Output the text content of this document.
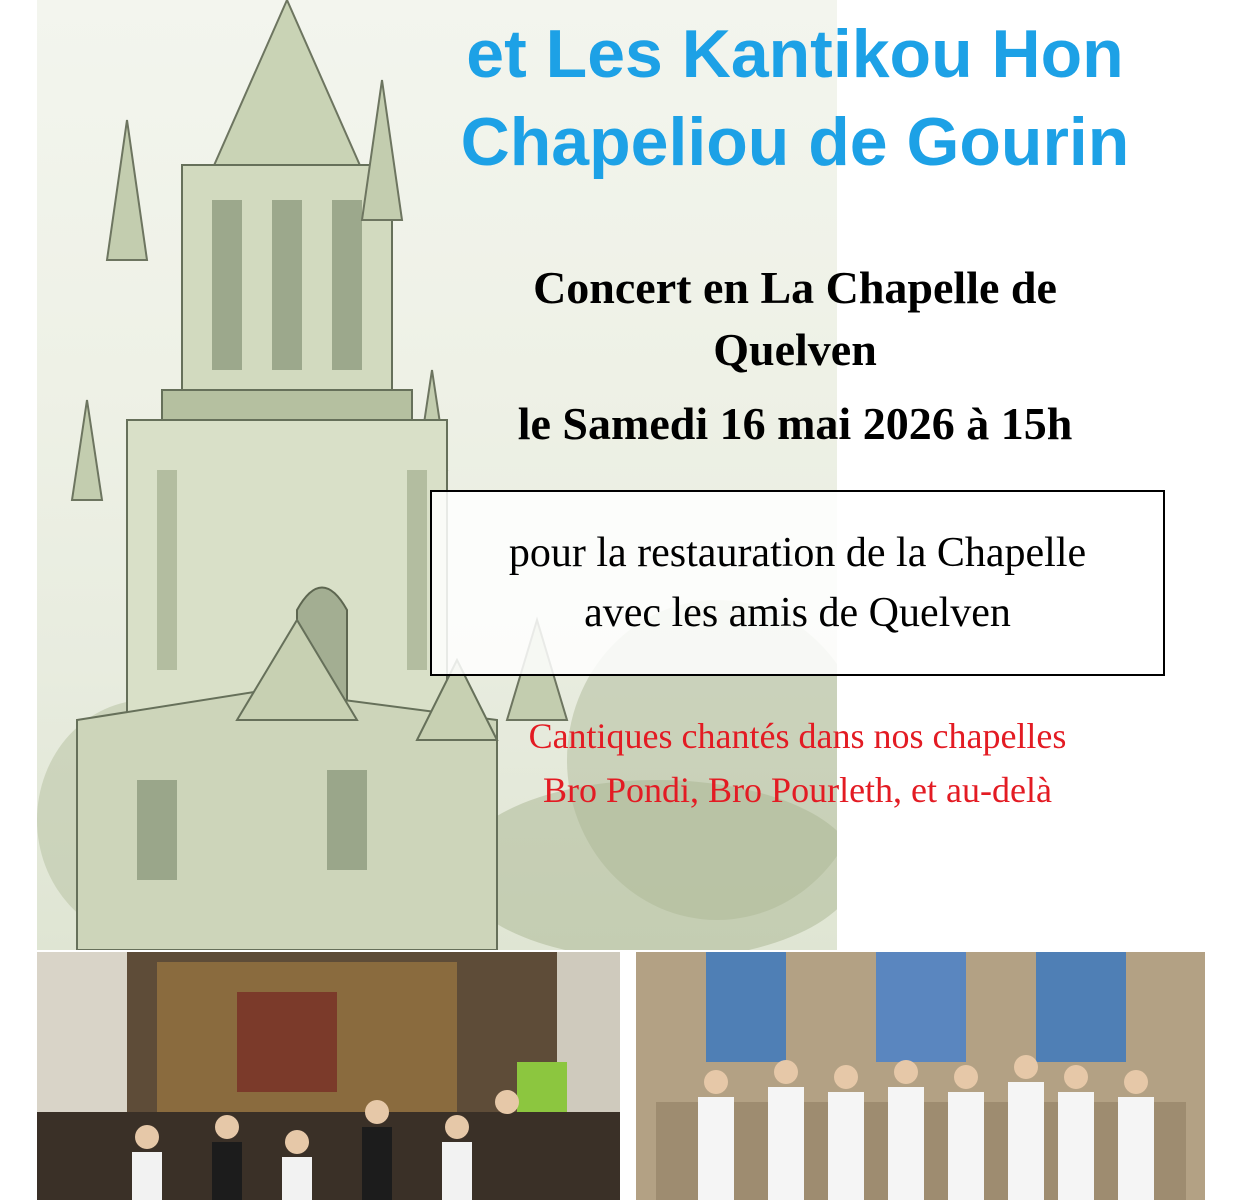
et Les Kantikou Hon
Chapeliou de Gourin
Concert en La Chapelle de
Quelven
le Samedi 16 mai 2026 à 15h
pour la restauration de la Chapelle
avec les amis de Quelven
Cantiques chantés dans nos chapelles
Bro Pondi, Bro Pourleth, et au-delà
